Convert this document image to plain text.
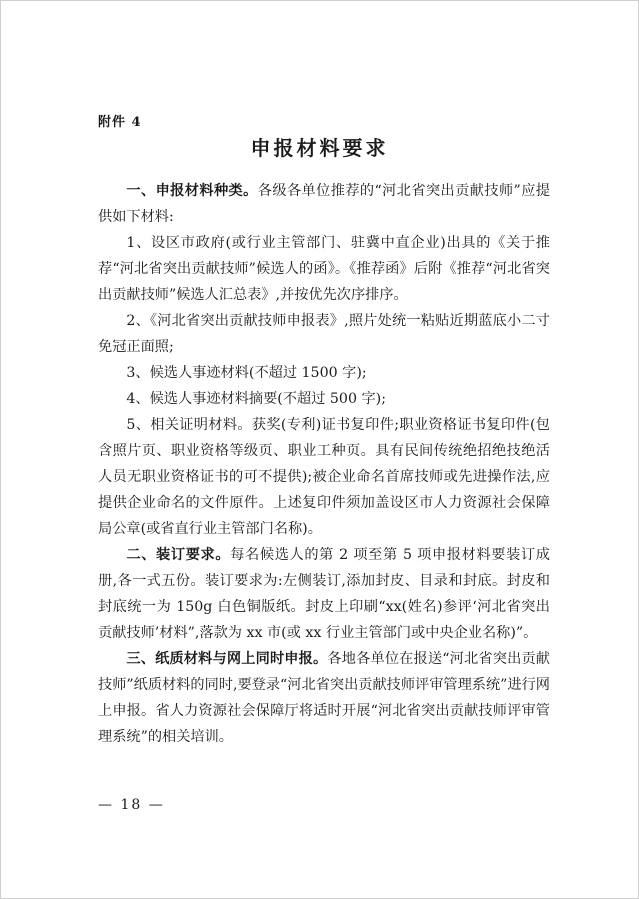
附件 4
申报材料要求

一、申报材料种类。各级各单位推荐的“河北省突出贡献技师”应提供如下材料:

1、设区市政府(或行业主管部门、驻冀中直企业)出具的《关于推荐“河北省突出贡献技师”候选人的函》。《推荐函》后附《推荐“河北省突出贡献技师”候选人汇总表》,并按优先次序排序。

2、《河北省突出贡献技师申报表》,照片处统一粘贴近期蓝底小二寸免冠正面照;

3、候选人事迹材料(不超过 1500 字);

4、候选人事迹材料摘要(不超过 500 字);

5、相关证明材料。获奖(专利)证书复印件;职业资格证书复印件(包含照片页、职业资格等级页、职业工种页。具有民间传统绝招绝技绝活人员无职业资格证书的可不提供);被企业命名首席技师或先进操作法,应提供企业命名的文件原件。上述复印件须加盖设区市人力资源社会保障局公章(或省直行业主管部门名称)。

二、装订要求。每名候选人的第 2 项至第 5 项申报材料要装订成册,各一式五份。装订要求为:左侧装订,添加封皮、目录和封底。封皮和封底统一为 150g 白色铜版纸。封皮上印刷“xx(姓名)参评‘河北省突出贡献技师’材料”,落款为 xx 市(或 xx 行业主管部门或中央企业名称)”。

三、纸质材料与网上同时申报。各地各单位在报送“河北省突出贡献技师”纸质材料的同时,要登录“河北省突出贡献技师评审管理系统”进行网上申报。省人力资源社会保障厅将适时开展“河北省突出贡献技师评审管理系统”的相关培训。

— 18 —
